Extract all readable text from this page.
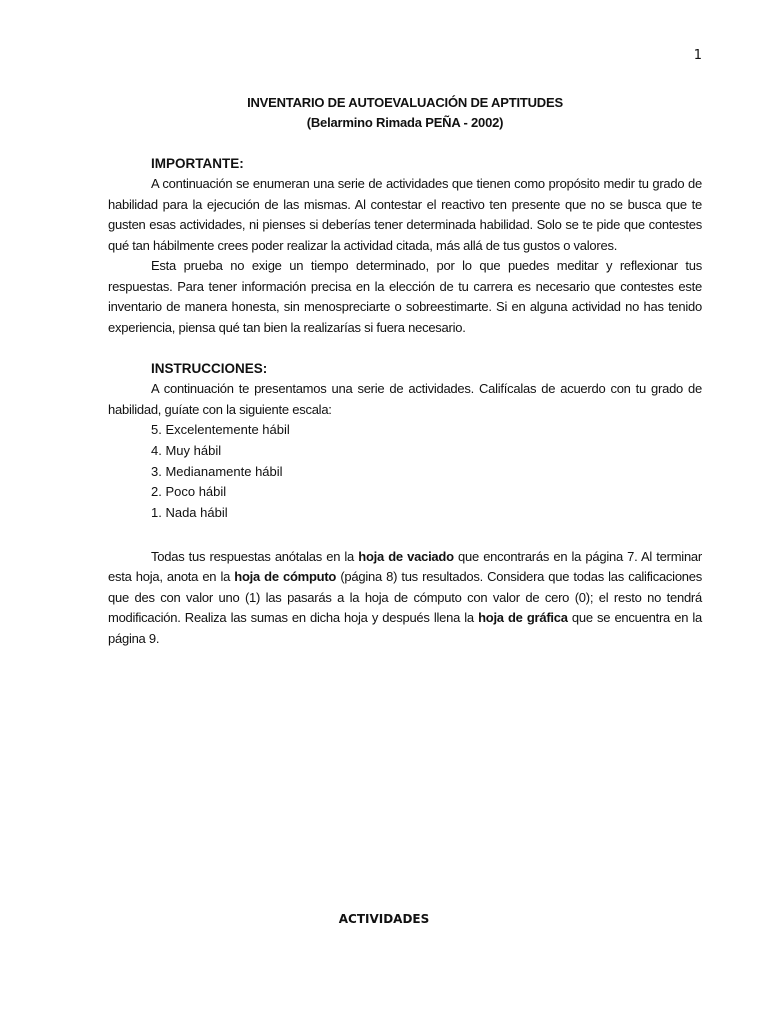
1
INVENTARIO DE AUTOEVALUACIÓN DE APTITUDES
(Belarmino Rimada PEÑA - 2002)
IMPORTANTE:

A continuación se enumeran una serie de actividades que tienen como propósito medir tu grado de habilidad para la ejecución de las mismas. Al contestar el reactivo ten presente que no se busca que te gusten esas actividades, ni pienses si deberías tener determinada habilidad. Solo se te pide que contestes qué tan hábilmente crees poder realizar la actividad citada, más allá de tus gustos o valores.

Esta prueba no exige un tiempo determinado, por lo que puedes meditar y reflexionar tus respuestas. Para tener información precisa en la elección de tu carrera es necesario que contestes este inventario de manera honesta, sin menospreciarte o sobreestimarte. Si en alguna actividad no has tenido experiencia, piensa qué tan bien la realizarías si fuera necesario.

INSTRUCCIONES:

A continuación te presentamos una serie de actividades. Califícalas de acuerdo con tu grado de habilidad, guíate con la siguiente escala:

5. Excelentemente hábil
4. Muy hábil
3. Medianamente hábil
2. Poco hábil
1. Nada hábil

Todas tus respuestas anótalas en la hoja de vaciado que encontrarás en la página 7. Al terminar esta hoja, anota en la hoja de cómputo (página 8) tus resultados. Considera que todas las calificaciones que des con valor uno (1) las pasarás a la hoja de cómputo con valor de cero (0); el resto no tendrá modificación. Realiza las sumas en dicha hoja y después llena la hoja de gráfica que se encuentra en la página 9.

ACTIVIDADES
